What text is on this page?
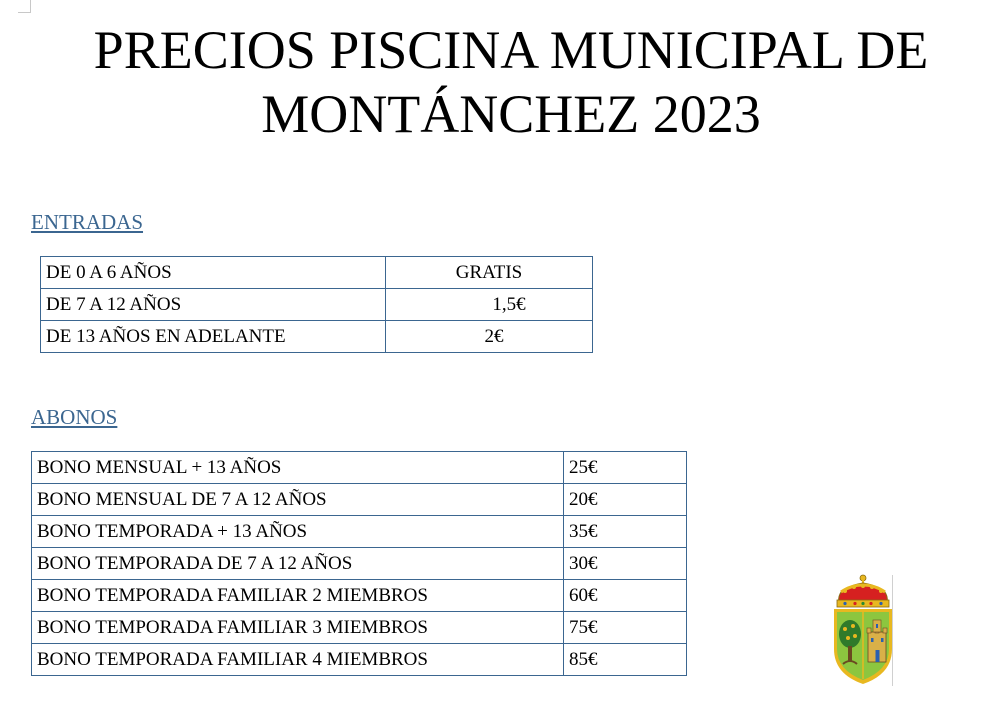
PRECIOS PISCINA MUNICIPAL DE
MONTÁNCHEZ 2023
ENTRADAS
DE 0 A 6 AÑOS	GRATIS
DE 7 A 12 AÑOS	1,5€
DE 13 AÑOS EN ADELANTE	2€
ABONOS
BONO MENSUAL + 13 AÑOS	25€
BONO MENSUAL DE 7 A 12 AÑOS	20€
BONO TEMPORADA + 13 AÑOS	35€
BONO TEMPORADA DE 7 A 12 AÑOS	30€
BONO TEMPORADA FAMILIAR 2 MIEMBROS	60€
BONO TEMPORADA FAMILIAR 3 MIEMBROS	75€
BONO TEMPORADA FAMILIAR 4 MIEMBROS	85€
